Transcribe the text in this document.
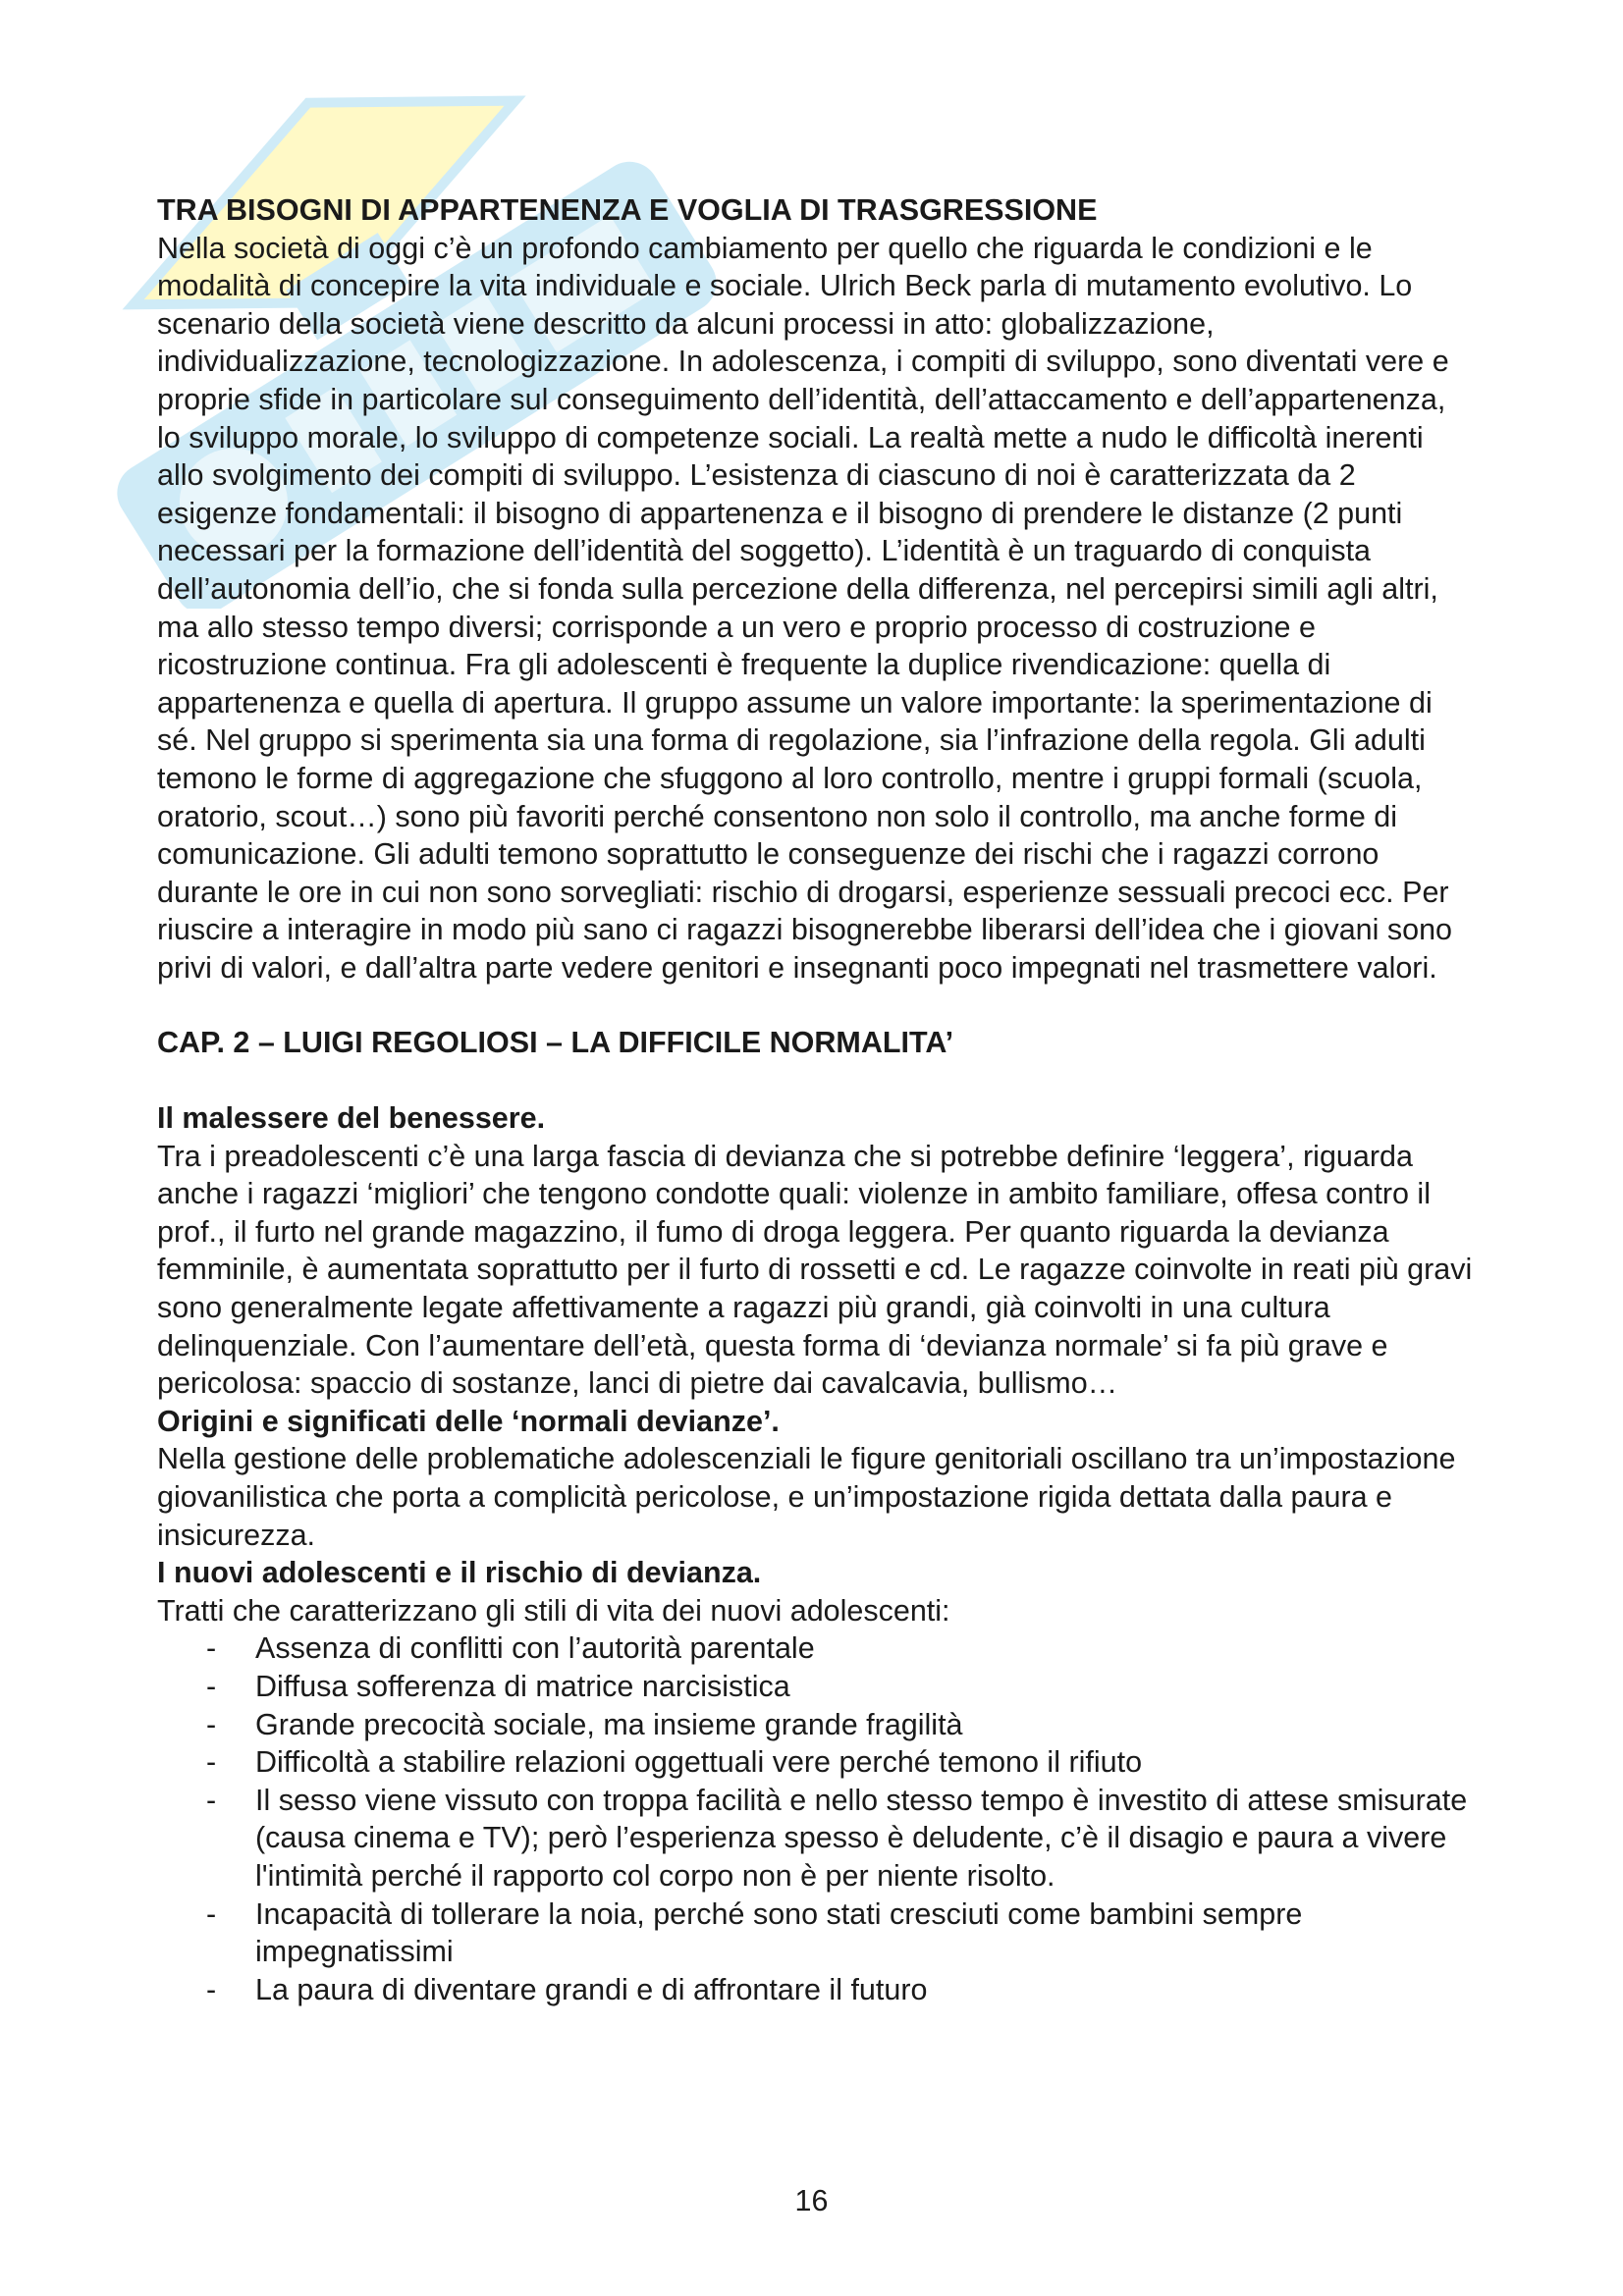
TRA BISOGNI DI APPARTENENZA E VOGLIA DI TRASGRESSIONE

Nella società di oggi c’è un profondo cambiamento per quello che riguarda le condizioni e le modalità di concepire la vita individuale e sociale. Ulrich Beck parla di mutamento evolutivo. Lo scenario della società viene descritto da alcuni processi in atto: globalizzazione, individualizzazione, tecnologizzazione. In adolescenza, i compiti di sviluppo, sono diventati vere e proprie sfide in particolare sul conseguimento dell’identità, dell’attaccamento e dell’appartenenza, lo sviluppo morale, lo sviluppo di competenze sociali. La realtà mette a nudo le difficoltà inerenti allo svolgimento dei compiti di sviluppo. L’esistenza di ciascuno di noi è caratterizzata da 2 esigenze fondamentali: il bisogno di appartenenza e il bisogno di prendere le distanze (2 punti necessari per la formazione dell’identità del soggetto). L’identità è un traguardo di conquista dell’autonomia dell’io, che si fonda sulla percezione della differenza, nel percepirsi simili agli altri, ma allo stesso tempo diversi; corrisponde a un vero e proprio processo di costruzione e ricostruzione continua. Fra gli adolescenti è frequente la duplice rivendicazione: quella di appartenenza e quella di apertura. Il gruppo assume un valore importante: la sperimentazione di sé. Nel gruppo si sperimenta sia una forma di regolazione, sia l’infrazione della regola. Gli adulti temono le forme di aggregazione che sfuggono al loro controllo, mentre i gruppi formali (scuola, oratorio, scout…) sono più favoriti perché consentono non solo il controllo, ma anche forme di comunicazione. Gli adulti temono soprattutto le conseguenze dei rischi che i ragazzi corrono durante le ore in cui non sono sorvegliati: rischio di drogarsi, esperienze sessuali precoci ecc. Per riuscire a interagire in modo più sano ci ragazzi bisognerebbe liberarsi dell’idea che i giovani sono privi di valori, e dall’altra parte vedere genitori e insegnanti poco impegnati nel trasmettere valori.

CAP. 2 – LUIGI REGOLIOSI – LA DIFFICILE NORMALITA’
Il malessere del benessere.

Tra i preadolescenti c’è una larga fascia di devianza che si potrebbe definire ‘leggera’, riguarda anche i ragazzi ‘migliori’ che tengono condotte quali: violenze in ambito familiare, offesa contro il prof., il furto nel grande magazzino, il fumo di droga leggera. Per quanto riguarda la devianza femminile, è aumentata soprattutto per il furto di rossetti e cd. Le ragazze coinvolte in reati più gravi sono generalmente legate affettivamente a ragazzi più grandi, già coinvolti in una cultura delinquenziale. Con l’aumentare dell’età, questa forma di ‘devianza normale’ si fa più grave e pericolosa: spaccio di sostanze, lanci di pietre dai cavalcavia, bullismo…

Origini e significati delle ‘normali devianze’.

Nella gestione delle problematiche adolescenziali le figure genitoriali oscillano tra un’impostazione giovanilistica che porta a complicità pericolose, e un’impostazione rigida dettata dalla paura e insicurezza.

I nuovi adolescenti e il rischio di devianza.

Tratti che caratterizzano gli stili di vita dei nuovi adolescenti:

- Assenza di conflitti con l’autorità parentale
- Diffusa sofferenza di matrice narcisistica
- Grande precocità sociale, ma insieme grande fragilità
- Difficoltà a stabilire relazioni oggettuali vere perché temono il rifiuto
- Il sesso viene vissuto con troppa facilità e nello stesso tempo è investito di attese smisurate (causa cinema e TV); però l’esperienza spesso è deludente, c’è il disagio e paura a vivere l'intimità perché il rapporto col corpo non è per niente risolto.
- Incapacità di tollerare la noia, perché sono stati cresciuti come bambini sempre impegnatissimi
- La paura di diventare grandi e di affrontare il futuro
16
